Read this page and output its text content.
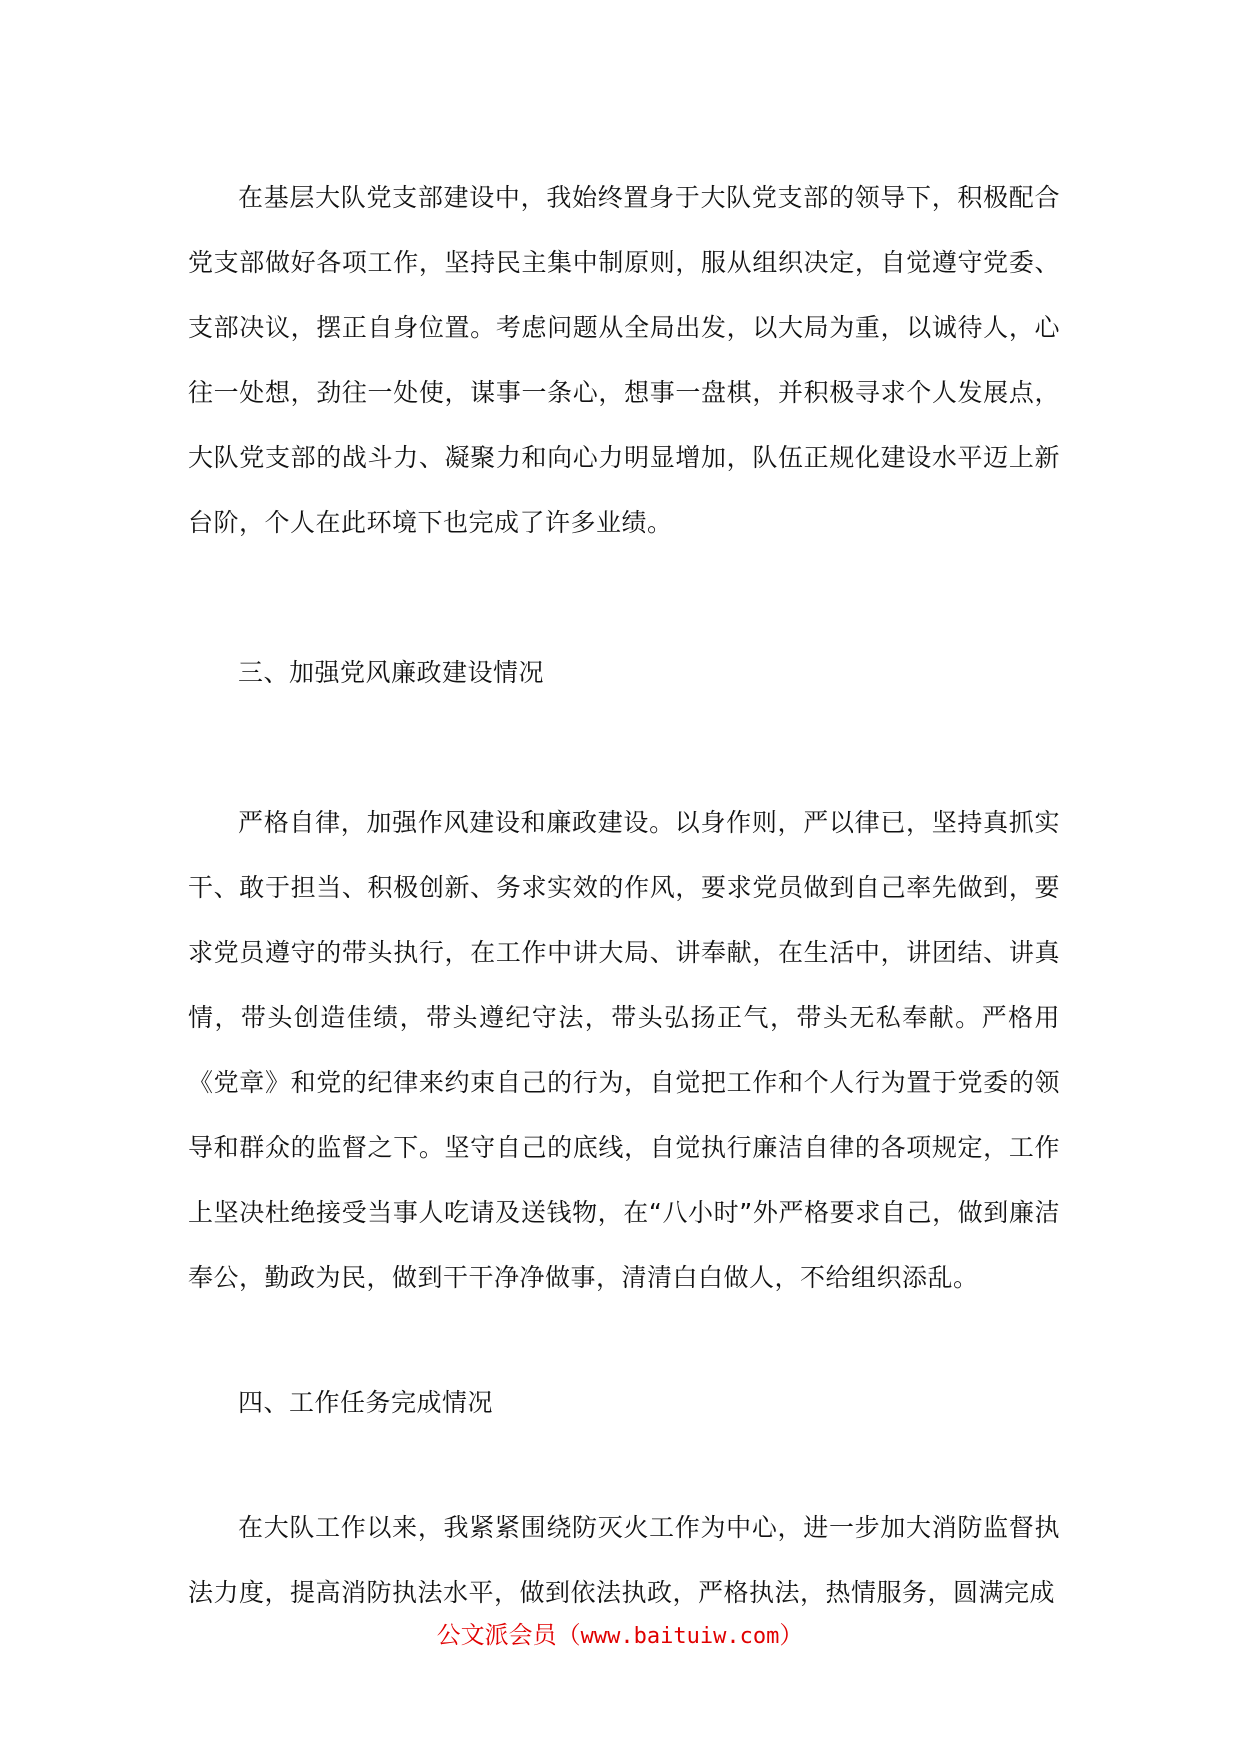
在基层大队党支部建设中，我始终置身于大队党支部的领导下，积极配合党支部做好各项工作，坚持民主集中制原则，服从组织决定，自觉遵守党委、支部决议，摆正自身位置。考虑问题从全局出发，以大局为重，以诚待人，心往一处想，劲往一处使，谋事一条心，想事一盘棋，并积极寻求个人发展点，大队党支部的战斗力、凝聚力和向心力明显增加，队伍正规化建设水平迈上新台阶，个人在此环境下也完成了许多业绩。

三、加强党风廉政建设情况

严格自律，加强作风建设和廉政建设。以身作则，严以律已，坚持真抓实干、敢于担当、积极创新、务求实效的作风，要求党员做到自己率先做到，要求党员遵守的带头执行，在工作中讲大局、讲奉献，在生活中，讲团结、讲真情，带头创造佳绩，带头遵纪守法，带头弘扬正气，带头无私奉献。严格用《党章》和党的纪律来约束自己的行为，自觉把工作和个人行为置于党委的领导和群众的监督之下。坚守自己的底线，自觉执行廉洁自律的各项规定，工作上坚决杜绝接受当事人吃请及送钱物，在“八小时”外严格要求自己，做到廉洁奉公，勤政为民，做到干干净净做事，清清白白做人，不给组织添乱。

四、工作任务完成情况

在大队工作以来，我紧紧围绕防灭火工作为中心，进一步加大消防监督执法力度，提高消防执法水平，做到依法执政，严格执法，热情服务，圆满完成

公文派会员（www.baituiw.com）
